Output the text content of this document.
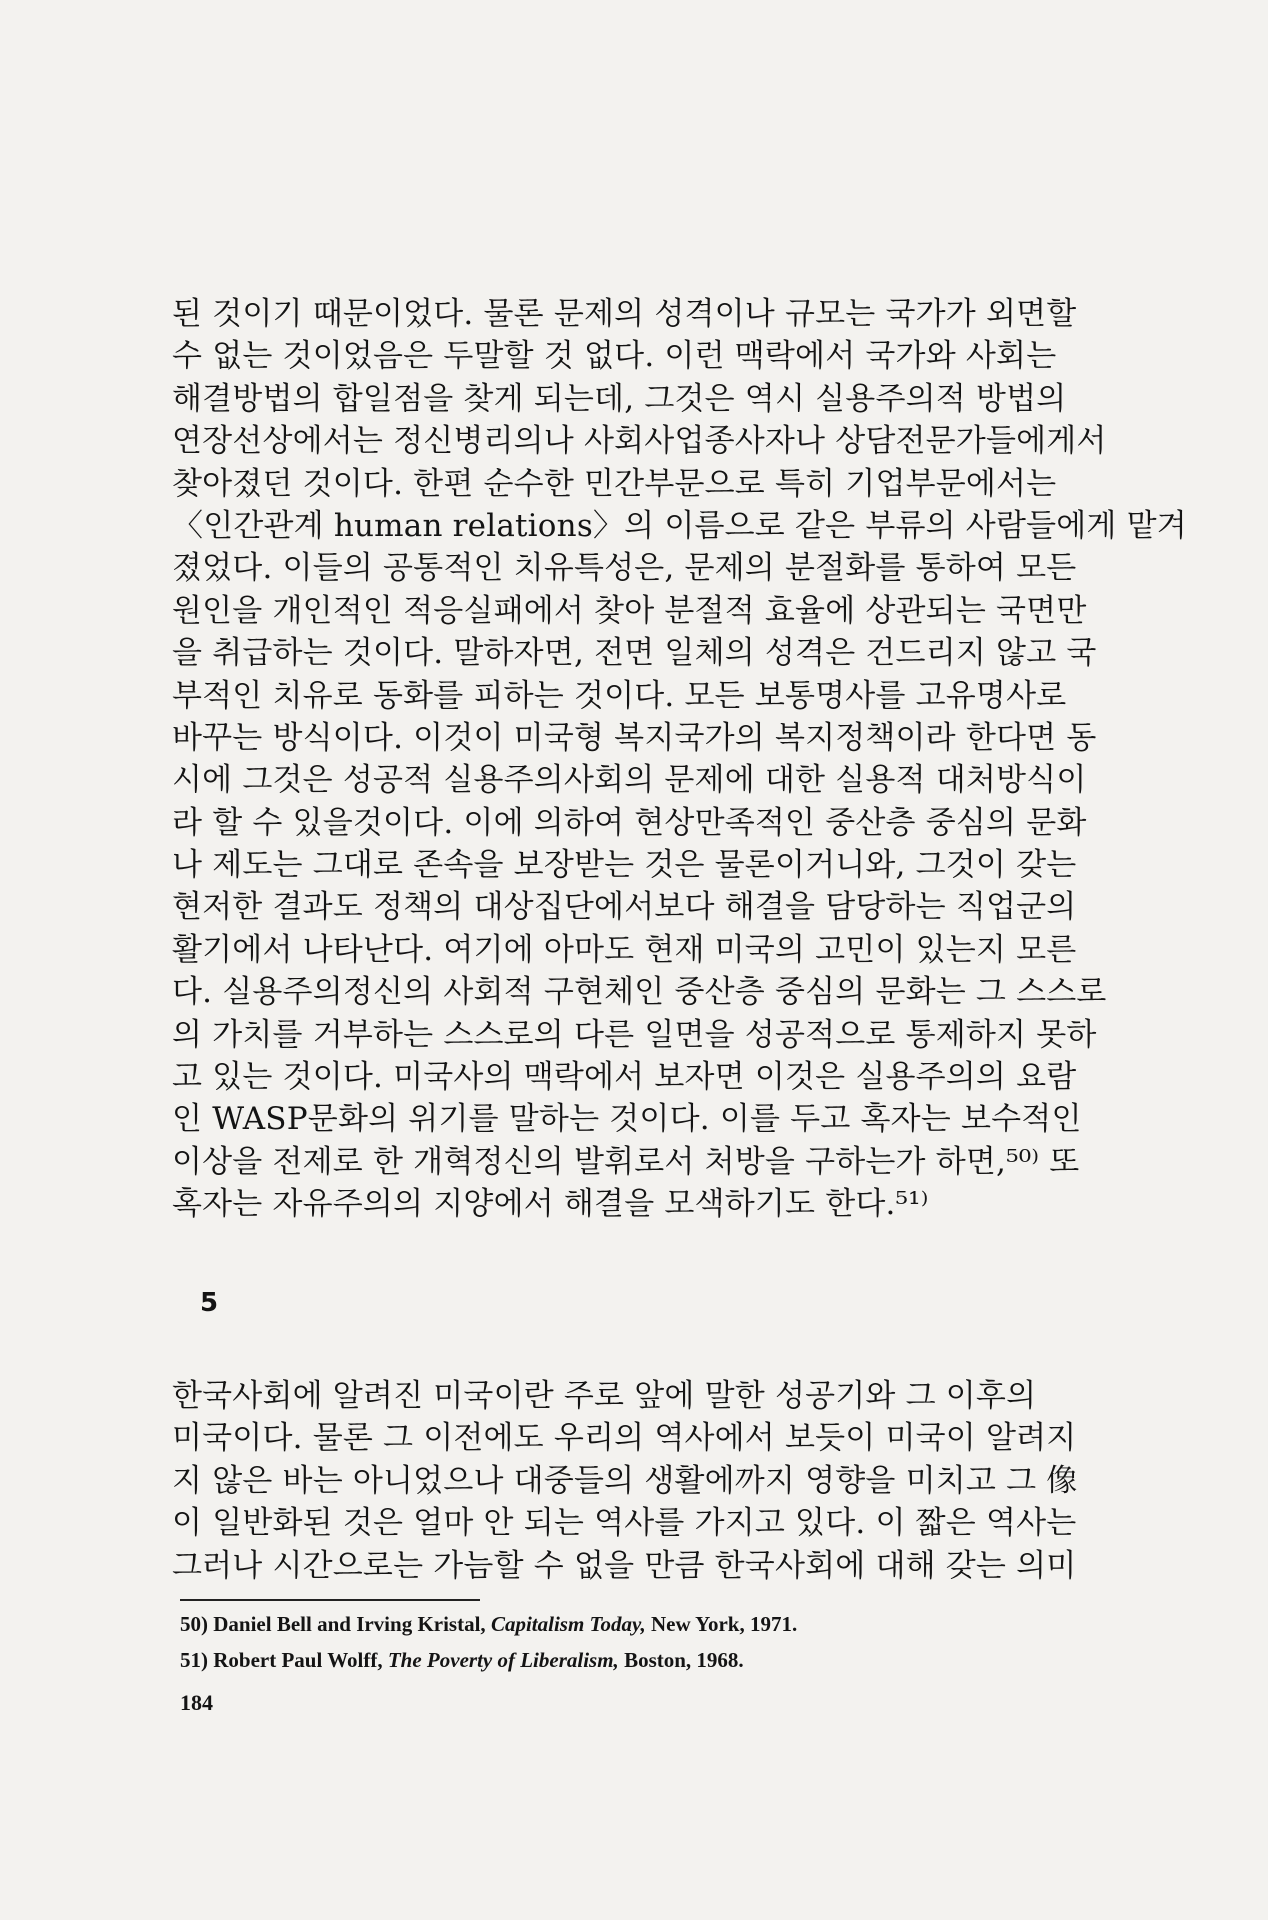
된 것이기 때문이었다. 물론 문제의 성격이나 규모는 국가가 외면할
수 없는 것이었음은 두말할 것 없다. 이런 맥락에서 국가와 사회는
해결방법의 합일점을 찾게 되는데, 그것은 역시 실용주의적 방법의
연장선상에서는 정신병리의나 사회사업종사자나 상담전문가들에게서
찾아졌던 것이다. 한편 순수한 민간부문으로 특히 기업부문에서는
〈인간관계 human relations〉의 이름으로 같은 부류의 사람들에게 맡겨
졌었다. 이들의 공통적인 치유특성은, 문제의 분절화를 통하여 모든
원인을 개인적인 적응실패에서 찾아 분절적 효율에 상관되는 국면만
을 취급하는 것이다. 말하자면, 전면 일체의 성격은 건드리지 않고 국
부적인 치유로 동화를 피하는 것이다. 모든 보통명사를 고유명사로
바꾸는 방식이다. 이것이 미국형 복지국가의 복지정책이라 한다면 동
시에 그것은 성공적 실용주의사회의 문제에 대한 실용적 대처방식이
라 할 수 있을것이다. 이에 의하여 현상만족적인 중산층 중심의 문화
나 제도는 그대로 존속을 보장받는 것은 물론이거니와, 그것이 갖는
현저한 결과도 정책의 대상집단에서보다 해결을 담당하는 직업군의
활기에서 나타난다. 여기에 아마도 현재 미국의 고민이 있는지 모른
다. 실용주의정신의 사회적 구현체인 중산층 중심의 문화는 그 스스로
의 가치를 거부하는 스스로의 다른 일면을 성공적으로 통제하지 못하
고 있는 것이다. 미국사의 맥락에서 보자면 이것은 실용주의의 요람
인 WASP문화의 위기를 말하는 것이다. 이를 두고 혹자는 보수적인
이상을 전제로 한 개혁정신의 발휘로서 처방을 구하는가 하면,⁵⁰⁾ 또
혹자는 자유주의의 지양에서 해결을 모색하기도 한다.⁵¹⁾
5
한국사회에 알려진 미국이란 주로 앞에 말한 성공기와 그 이후의
미국이다. 물론 그 이전에도 우리의 역사에서 보듯이 미국이 알려지
지 않은 바는 아니었으나 대중들의 생활에까지 영향을 미치고 그 像
이 일반화된 것은 얼마 안 되는 역사를 가지고 있다. 이 짧은 역사는
그러나 시간으로는 가늠할 수 없을 만큼 한국사회에 대해 갖는 의미
50) Daniel Bell and Irving Kristal, Capitalism Today, New York, 1971.
51) Robert Paul Wolff, The Poverty of Liberalism, Boston, 1968.
184
